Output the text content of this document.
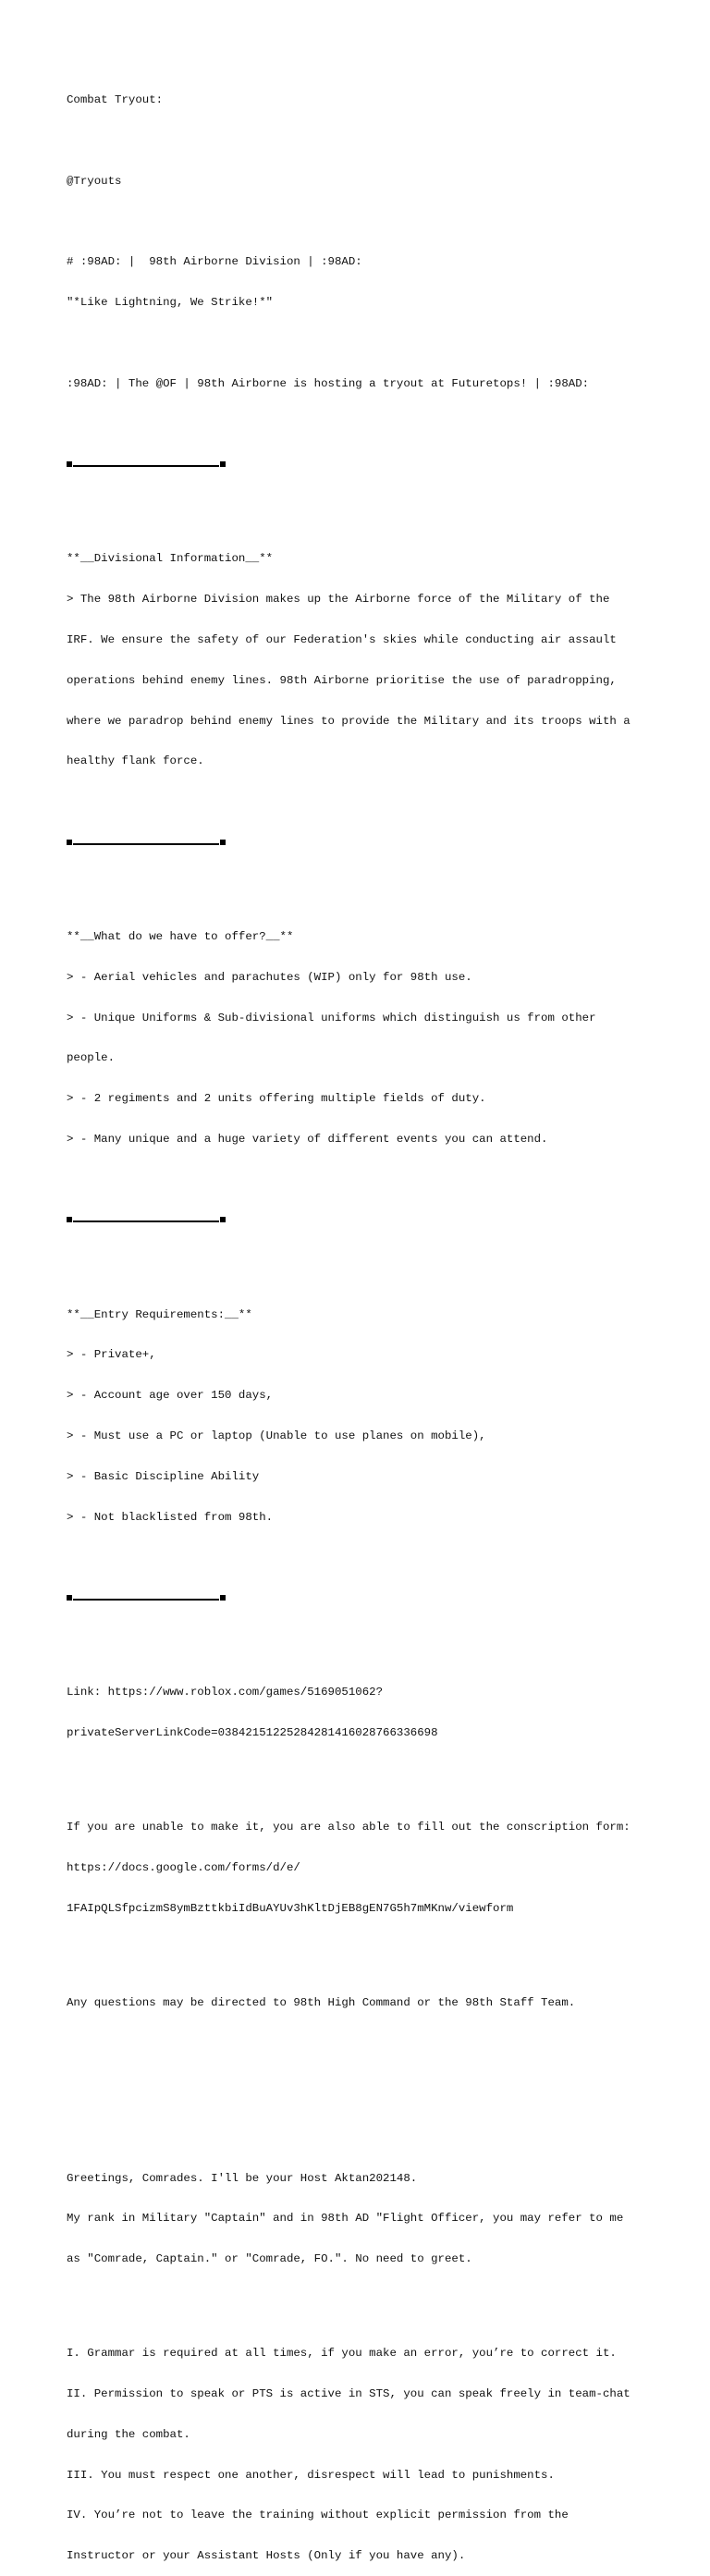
Combat Tryout:

@Tryouts

# :98AD: |  98th Airborne Division | :98AD:

"*Like Lightning, We Strike!*"

:98AD: | The @OF | 98th Airborne is hosting a tryout at Futuretops! | :98AD:

**__Divisional Information__**

> The 98th Airborne Division makes up the Airborne force of the Military of the

IRF. We ensure the safety of our Federation's skies while conducting air assault

operations behind enemy lines. 98th Airborne prioritise the use of paradropping,

where we paradrop behind enemy lines to provide the Military and its troops with a

healthy flank force.

**__What do we have to offer?__**

> - Aerial vehicles and parachutes (WIP) only for 98th use.

> - Unique Uniforms & Sub-divisional uniforms which distinguish us from other

people.

> - 2 regiments and 2 units offering multiple fields of duty.

> - Many unique and a huge variety of different events you can attend.

**__Entry Requirements:__**

> - Private+,

> - Account age over 150 days,

> - Must use a PC or laptop (Unable to use planes on mobile),

> - Basic Discipline Ability

> - Not blacklisted from 98th.

Link: https://www.roblox.com/games/5169051062?

privateServerLinkCode=03842151225284281416028766336698

If you are unable to make it, you are also able to fill out the conscription form:

https://docs.google.com/forms/d/e/

1FAIpQLSfpcizmS8ymBzttkbiIdBuAYUv3hKltDjEB8gEN7G5h7mMKnw/viewform

Any questions may be directed to 98th High Command or the 98th Staff Team.

Greetings, Comrades. I'll be your Host Aktan202148.

My rank in Military "Captain" and in 98th AD "Flight Officer, you may refer to me

as "Comrade, Captain." or "Comrade, FO.". No need to greet.

I. Grammar is required at all times, if you make an error, you’re to correct it.

II. Permission to speak or PTS is active in STS, you can speak freely in team-chat

during the combat.

III. You must respect one another, disrespect will lead to punishments.

IV. You’re not to leave the training without explicit permission from the

Instructor or your Assistant Hosts (Only if you have any).
